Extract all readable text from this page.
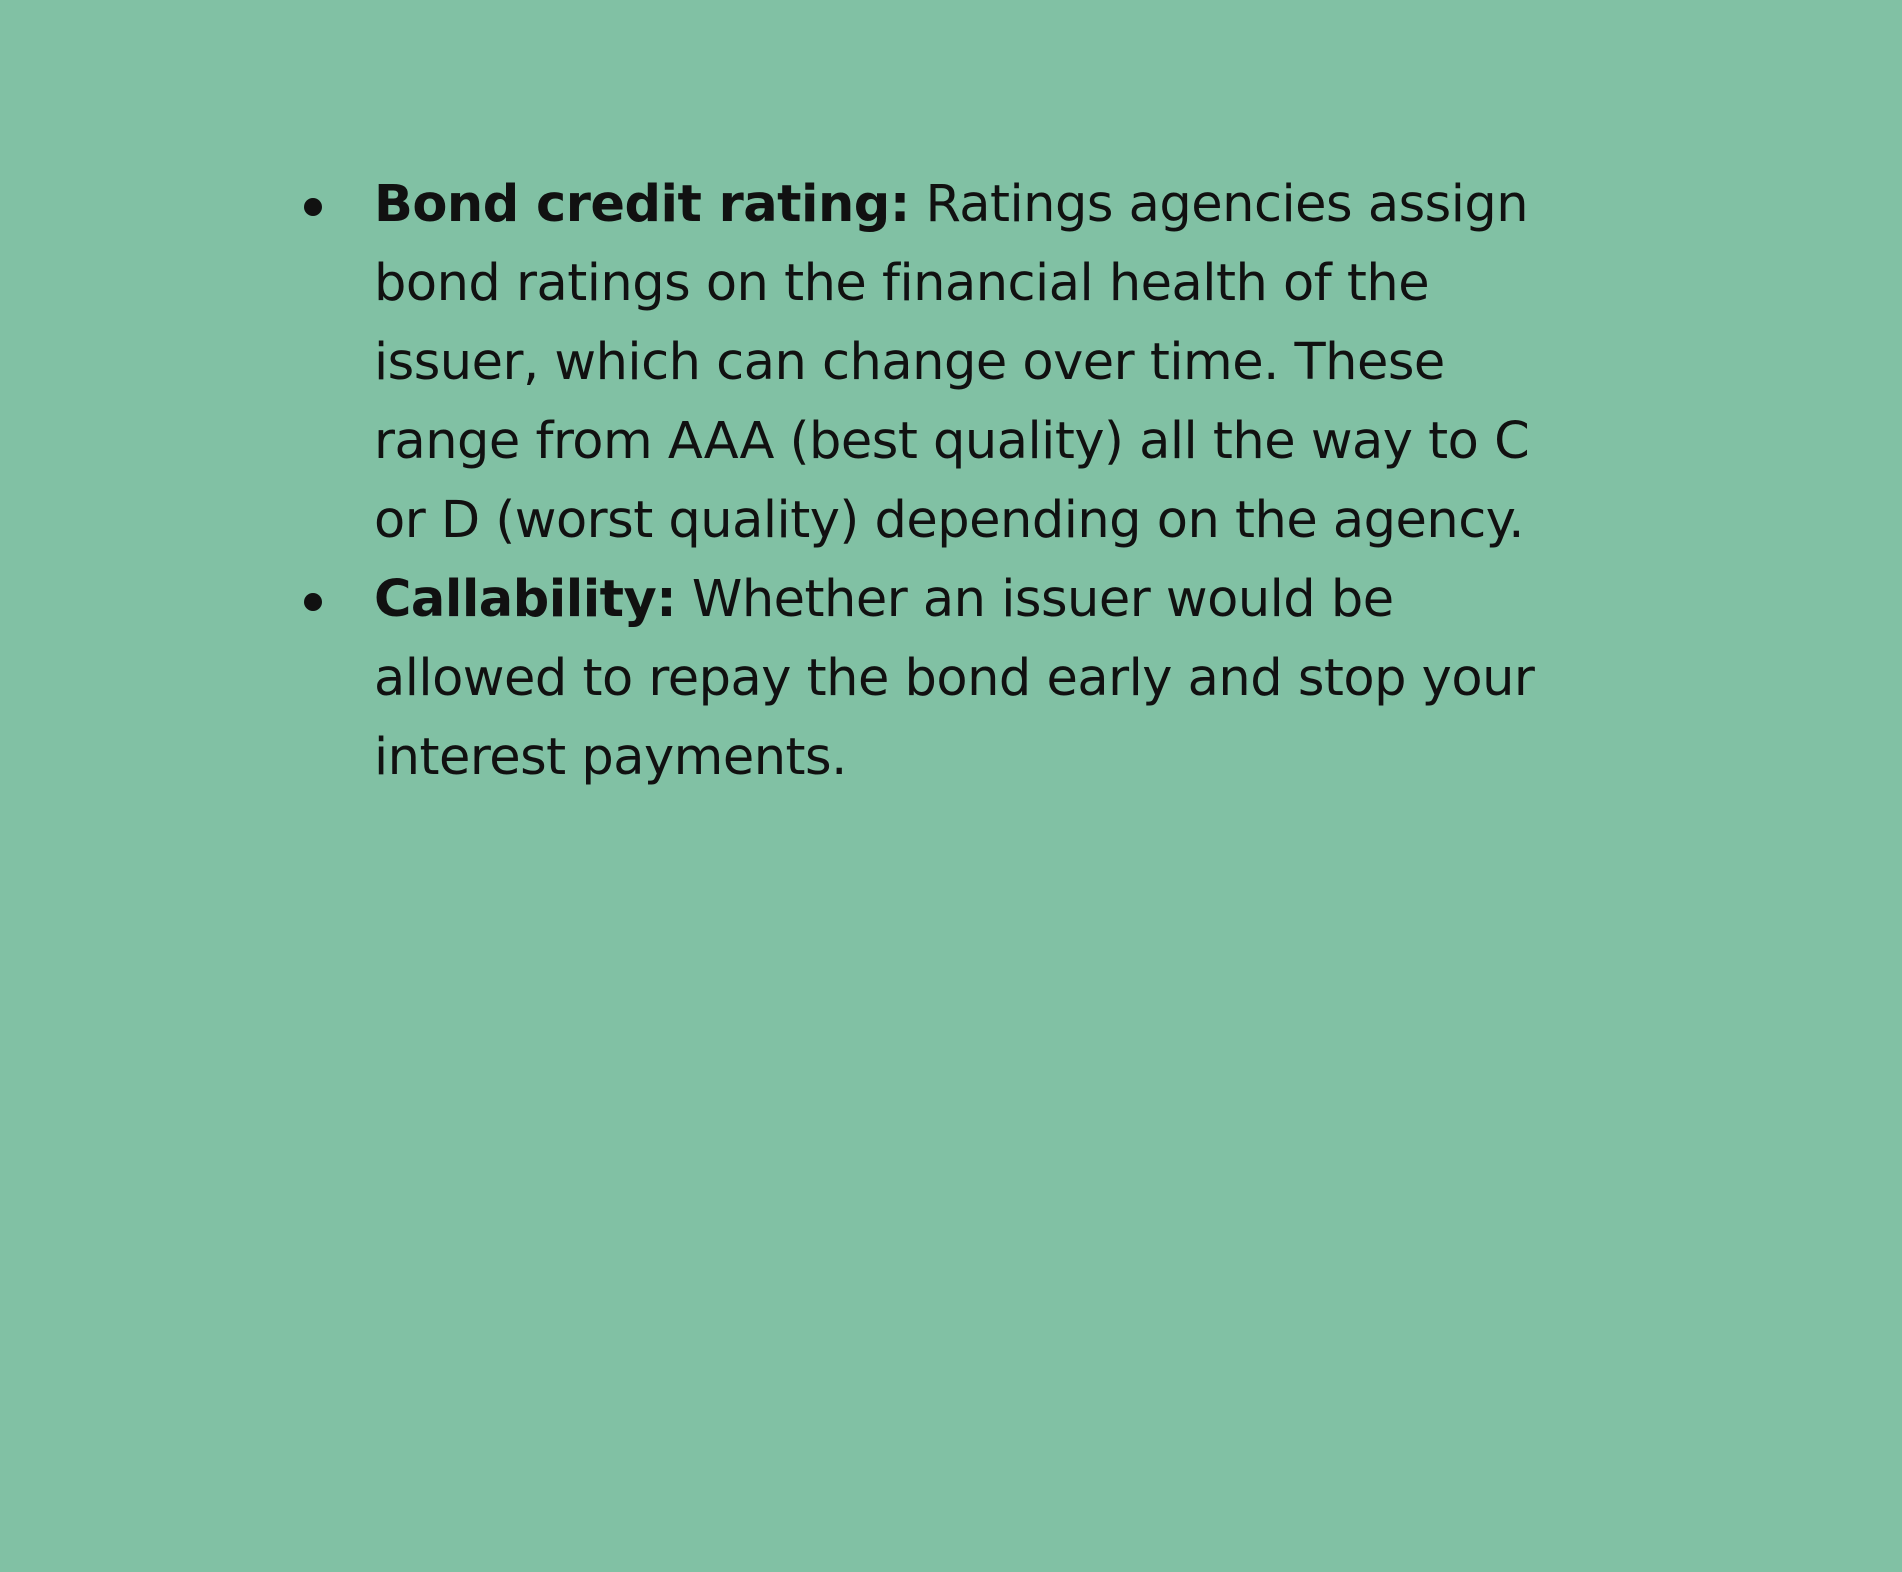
Bond credit rating: Ratings agencies assign bond ratings on the financial health of the issuer, which can change over time. These range from AAA (best quality) all the way to C or D (worst quality) depending on the agency.
Callability: Whether an issuer would be allowed to repay the bond early and stop your interest payments.
